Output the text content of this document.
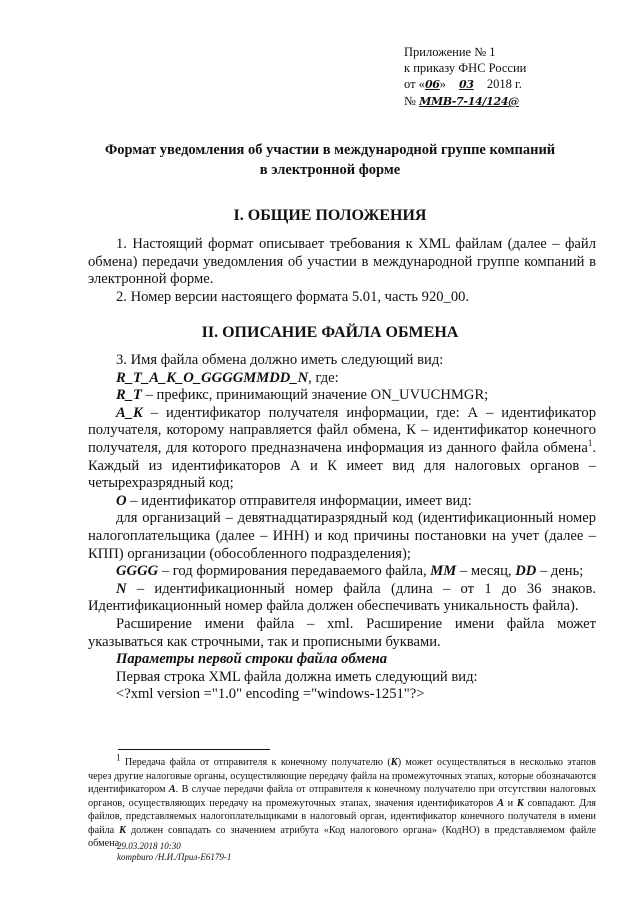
Приложение № 1
к приказу ФНС России
от «06» 03 2018 г.
№ ММВ-7-14/124@
Формат уведомления об участии в международной группе компаний
в электронной форме
I. ОБЩИЕ ПОЛОЖЕНИЯ

1. Настоящий формат описывает требования к XML файлам (далее – файл обмена) передачи уведомления об участии в международной группе компаний в электронной форме.

2. Номер версии настоящего формата 5.01, часть 920_00.

II. ОПИСАНИЕ ФАЙЛА ОБМЕНА

3. Имя файла обмена должно иметь следующий вид:

R_T_A_K_O_GGGGMMDD_N, где:

R_T – префикс, принимающий значение ON_UVUCHMGR;

A_K – идентификатор получателя информации, где: А – идентификатор получателя, которому направляется файл обмена, К – идентификатор конечного получателя, для которого предназначена информация из данного файла обмена$^1$. Каждый из идентификаторов А и К имеет вид для налоговых органов – четырехразрядный код;

O – идентификатор отправителя информации, имеет вид:

для организаций – девятнадцатиразрядный код (идентификационный номер налогоплательщика (далее – ИНН) и код причины постановки на учет (далее – КПП) организации (обособленного подразделения);

GGGG – год формирования передаваемого файла, MM – месяц, DD – день;

N – идентификационный номер файла (длина – от 1 до 36 знаков. Идентификационный номер файла должен обеспечивать уникальность файла).

Расширение имени файла – xml. Расширение имени файла может указываться как строчными, так и прописными буквами.

Параметры первой строки файла обмена

Первая строка XML файла должна иметь следующий вид:

<?xml version ="1.0" encoding ="windows-1251"?>

1 Передача файла от отправителя к конечному получателю (К) может осуществляться в несколько этапов через другие налоговые органы, осуществляющие передачу файла на промежуточных этапах, которые обозначаются идентификатором А. В случае передачи файла от отправителя к конечному получателю при отсутствии налоговых органов, осуществляющих передачу на промежуточных этапах, значения идентификаторов А и К совпадают. Для файлов, представляемых налогоплательщиками в налоговый орган, идентификатор конечного получателя в имени файла К должен совпадать со значением атрибута «Код налогового органа» (КодНО) в представляемом файле обмена.

29.03.2018 10:30
kompburo /Н.И./Прил-Е6179-1
